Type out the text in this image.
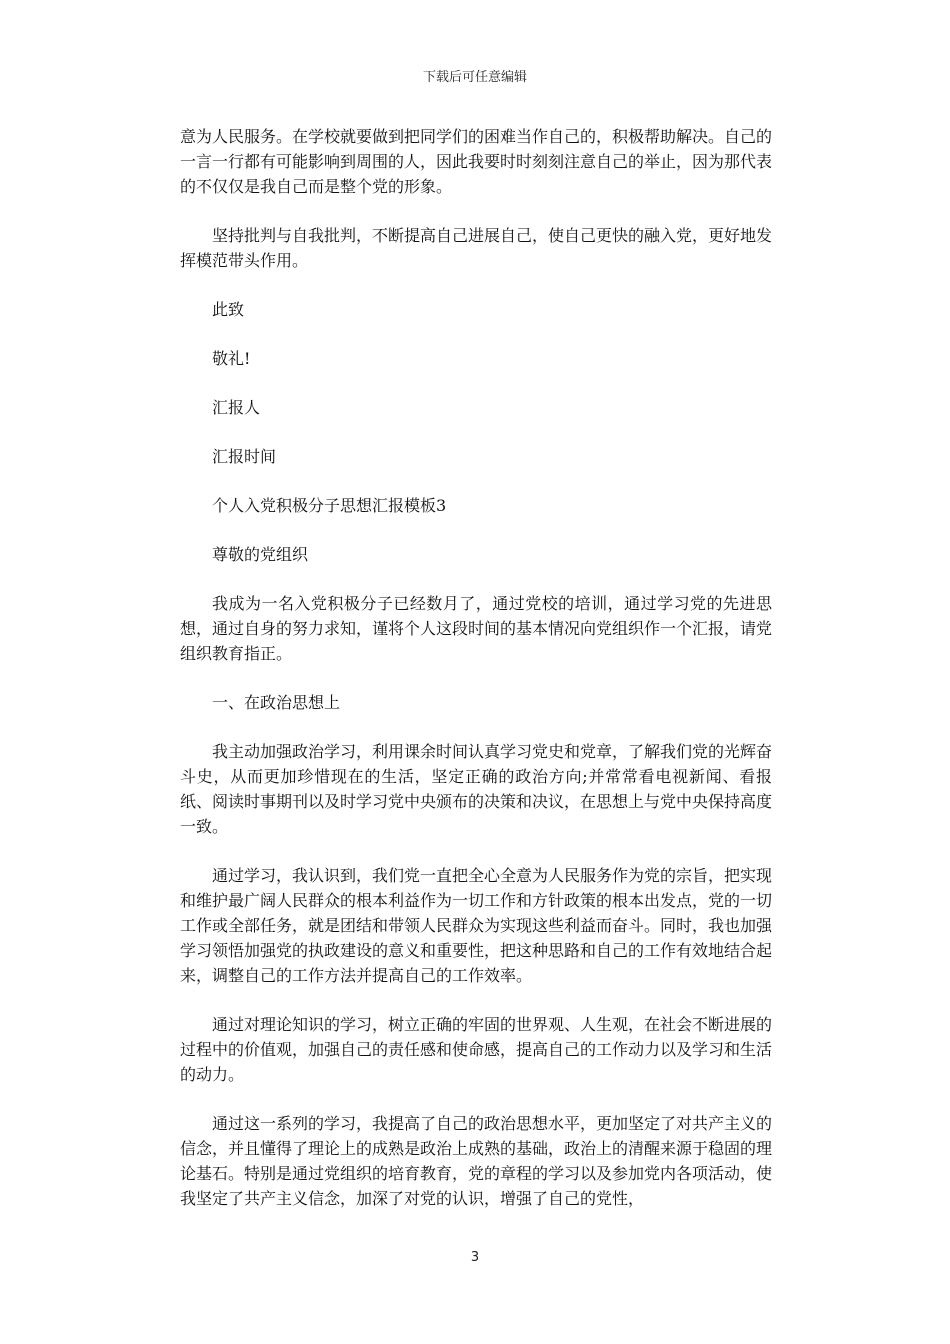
下载后可任意编辑

意为人民服务。在学校就要做到把同学们的困难当作自己的，积极帮助解决。自己的一言一行都有可能影响到周围的人，因此我要时时刻刻注意自己的举止，因为那代表的不仅仅是我自己而是整个党的形象。

坚持批判与自我批判，不断提高自己进展自己，使自己更快的融入党，更好地发挥模范带头作用。

此致

敬礼!

汇报人

汇报时间

个人入党积极分子思想汇报模板3

尊敬的党组织

我成为一名入党积极分子已经数月了，通过党校的培训，通过学习党的先进思想，通过自身的努力求知，谨将个人这段时间的基本情况向党组织作一个汇报，请党组织教育指正。

一、在政治思想上

我主动加强政治学习，利用课余时间认真学习党史和党章，了解我们党的光辉奋斗史，从而更加珍惜现在的生活，坚定正确的政治方向;并常常看电视新闻、看报纸、阅读时事期刊以及时学习党中央颁布的决策和决议，在思想上与党中央保持高度一致。

通过学习，我认识到，我们党一直把全心全意为人民服务作为党的宗旨，把实现和维护最广阔人民群众的根本利益作为一切工作和方针政策的根本出发点，党的一切工作或全部任务，就是团结和带领人民群众为实现这些利益而奋斗。同时，我也加强学习领悟加强党的执政建设的意义和重要性，把这种思路和自己的工作有效地结合起来，调整自己的工作方法并提高自己的工作效率。

通过对理论知识的学习，树立正确的牢固的世界观、人生观，在社会不断进展的过程中的价值观，加强自己的责任感和使命感，提高自己的工作动力以及学习和生活的动力。

通过这一系列的学习，我提高了自己的政治思想水平，更加坚定了对共产主义的信念，并且懂得了理论上的成熟是政治上成熟的基础，政治上的清醒来源于稳固的理论基石。特别是通过党组织的培育教育，党的章程的学习以及参加党内各项活动，使我坚定了共产主义信念，加深了对党的认识，增强了自己的党性，

3
